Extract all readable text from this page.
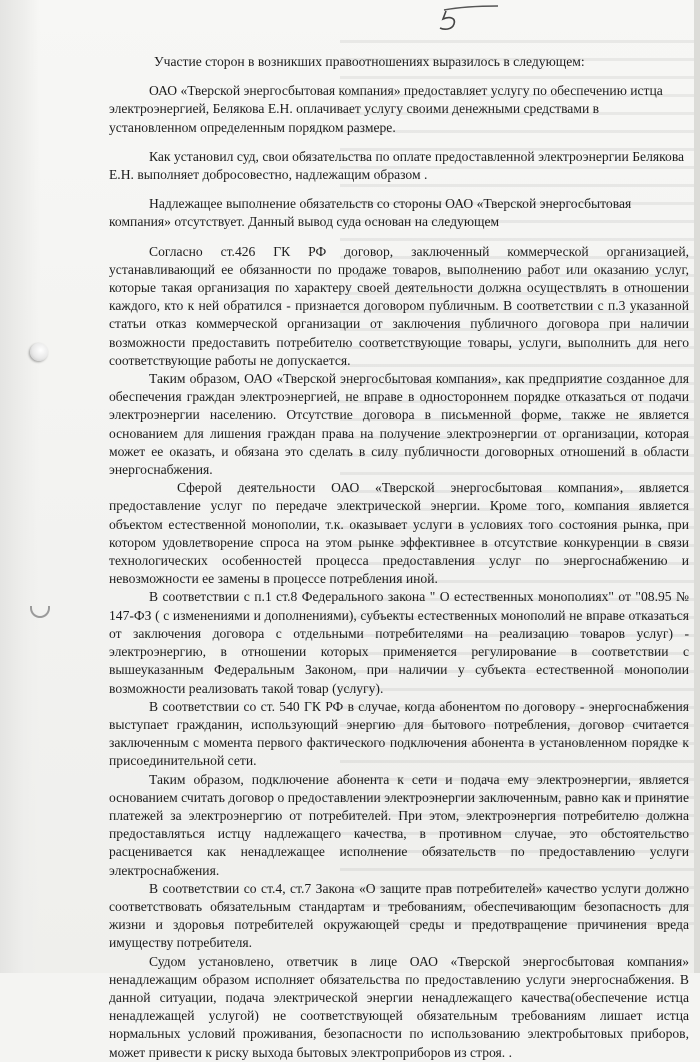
Участие сторон в возникших правоотношениях выразилось в следующем:

ОАО «Тверской энергосбытовая компания» предоставляет услугу по обеспечению истца электроэнергией, Белякова Е.Н. оплачивает услугу своими денежными средствами в установленном определенным порядком размере.

Как установил суд, свои обязательства по оплате предоставленной электроэнергии Белякова Е.Н. выполняет добросовестно, надлежащим образом .

Надлежащее выполнение обязательств со стороны ОАО «Тверской энергосбытовая компания» отсутствует. Данный вывод суда основан на следующем

Согласно ст.426 ГК РФ договор, заключенный коммерческой организацией, устанавливающий ее обязанности по продаже товаров, выполнению работ или оказанию услуг, которые такая организация по характеру своей деятельности должна осуществлять в отношении каждого, кто к ней обратился - признается договором публичным. В соответствии с п.3 указанной статьи отказ коммерческой организации от заключения публичного договора при наличии возможности предоставить потребителю соответствующие товары, услуги, выполнить для него соответствующие работы не допускается.

Таким образом, ОАО «Тверской энергосбытовая компания», как предприятие созданное для обеспечения граждан электроэнергией, не вправе в одностороннем порядке отказаться от подачи электроэнергии населению. Отсутствие договора в письменной форме, также не является основанием для лишения граждан права на получение электроэнергии от организации, которая может ее оказать, и обязана это сделать в силу публичности договорных отношений в области энергоснабжения.

Сферой деятельности ОАО «Тверской энергосбытовая компания», является предоставление услуг по передаче электрической энергии. Кроме того, компания является объектом естественной монополии, т.к. оказывает услуги в условиях того состояния рынка, при котором удовлетворение спроса на этом рынке эффективнее в отсутствие конкуренции в связи технологических особенностей процесса предоставления услуг по энергоснабжению и невозможности ее замены в процессе потребления иной.

В соответствии с п.1 ст.8 Федерального закона " О естественных монополиях" от "08.95 № 147-ФЗ ( с изменениями и дополнениями), субъекты естественных монополий не вправе отказаться от заключения договора с отдельными потребителями на реализацию товаров услуг) - электроэнергию, в отношении которых применяется регулирование в соответствии с вышеуказанным Федеральным Законом, при наличии у субъекта естественной монополии возможности реализовать такой товар (услугу).

В соответствии со ст. 540 ГК РФ в случае, когда абонентом по договору - энергоснабжения выступает гражданин, использующий энергию для бытового потребления, договор считается заключенным с момента первого фактического подключения абонента в установленном порядке к присоединительной сети.

Таким образом, подключение абонента к сети и подача ему электроэнергии, является основанием считать договор о предоставлении электроэнергии заключенным, равно как и принятие платежей за электроэнергию от потребителей. При этом, электроэнергия потребителю должна предоставляться истцу надлежащего качества, в противном случае, это обстоятельство расценивается как ненадлежащее исполнение обязательств по предоставлению услуги электроснабжения.

В соответствии со ст.4, ст.7 Закона «О защите прав потребителей» качество услуги должно соответствовать обязательным стандартам и требованиям, обеспечивающим безопасность для жизни и здоровья потребителей окружающей среды и предотвращение причинения вреда имуществу потребителя.

Судом установлено, ответчик в лице ОАО «Тверской энергосбытовая компания» ненадлежащим образом исполняет обязательства по предоставлению услуги энергоснабжения. В данной ситуации, подача электрической энергии ненадлежащего качества(обеспечение истца ненадлежащей услугой) не соответствующей обязательным требованиям лишает истца нормальных условий проживания, безопасности по использованию электробытовых приборов, может привести к риску выхода бытовых электроприборов из строя. .
